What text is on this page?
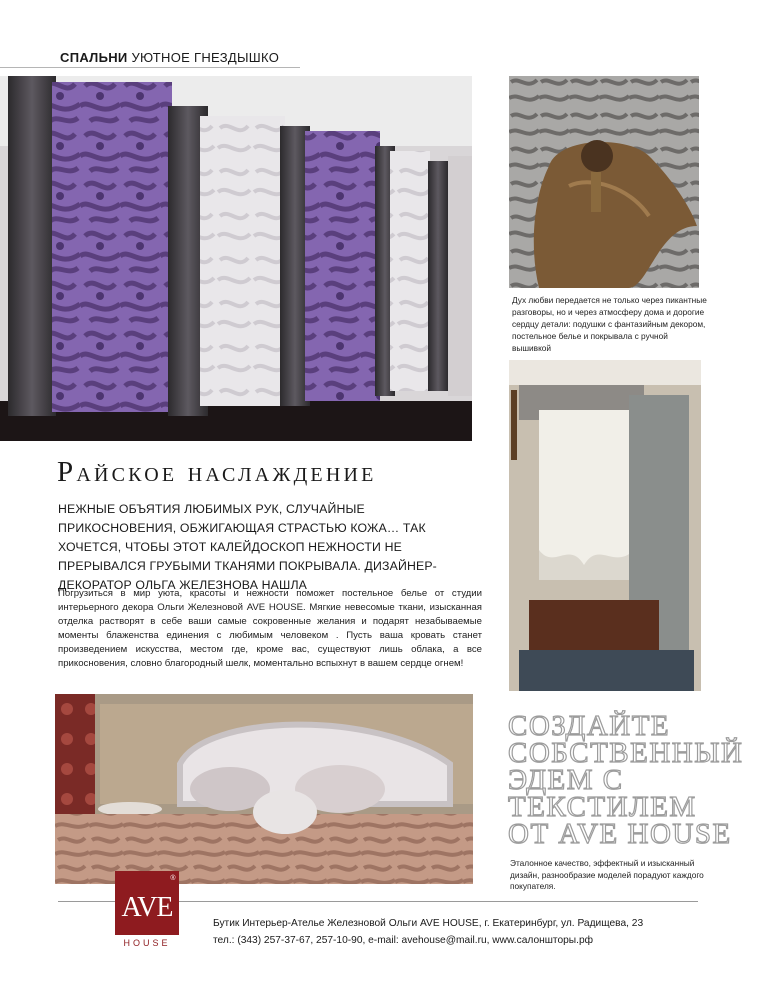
СПАЛЬНИ УЮТНОЕ ГНЕЗДЫШКО
Дух любви передается не только через пикантные разговоры, но и через атмосферу дома и дорогие сердцу детали: подушки с фантазийным декором, постельное белье и покрывала с ручной вышивкой
Райское наслаждение
НЕЖНЫЕ ОБЪЯТИЯ ЛЮБИМЫХ РУК, СЛУЧАЙНЫЕ ПРИКОСНОВЕНИЯ, ОБЖИГАЮЩАЯ СТРАСТЬЮ КОЖА… ТАК ХОЧЕТСЯ, ЧТОБЫ ЭТОТ КАЛЕЙДОСКОП НЕЖНОСТИ НЕ ПРЕРЫВАЛСЯ ГРУБЫМИ ТКАНЯМИ ПОКРЫВАЛА. ДИЗАЙНЕР-ДЕКОРАТОР ОЛЬГА ЖЕЛЕЗНОВА НАШЛА
Погрузиться в мир уюта, красоты и нежности поможет постельное белье от студии интерьерного декора Ольги Железновой AVE HOUSE. Мягкие невесомые ткани, изысканная отделка растворят в себе ваши самые сокровенные желания и подарят незабываемые моменты блаженства единения с любимым человеком . Пусть ваша кровать станет произведением искусства, местом где, кроме вас, существуют лишь облака, а все прикосновения, словно благородный шелк, моментально вспыхнут в вашем сердце огнем!
СОЗДАЙТЕ СОБСТВЕННЫЙ ЭДЕМ С ТЕКСТИЛЕМ ОТ AVE HOUSE
Эталонное качество, эффектный и изысканный дизайн, разнообразие моделей порадуют каждого покупателя.
AVE
®
HOUSE
Бутик Интерьер-Ателье Железновой Ольги AVE HOUSE, г. Екатеринбург, ул. Радищева, 23
тел.: (343) 257-37-67, 257-10-90, e-mail: avehouse@mail.ru, www.салоншторы.рф
